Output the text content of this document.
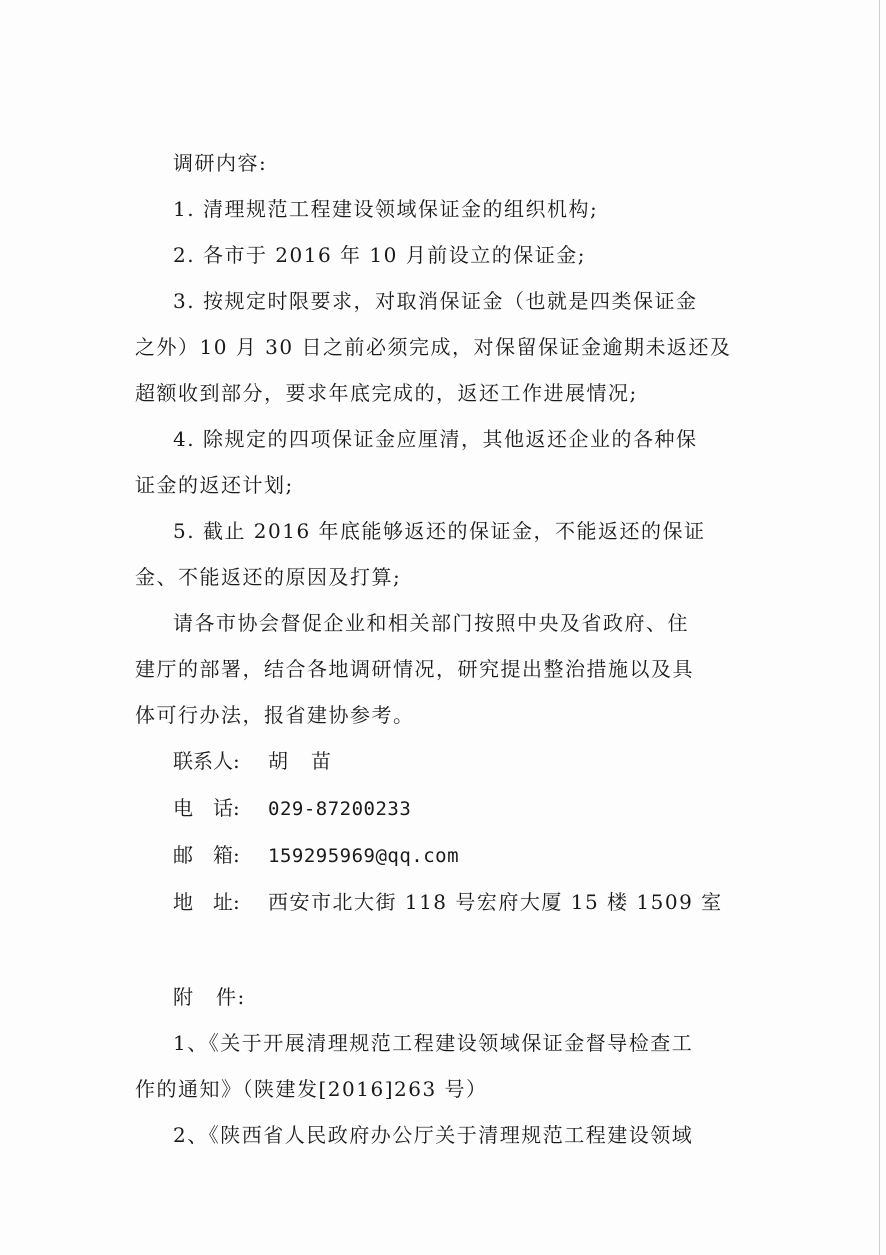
调研内容:
1. 清理规范工程建设领域保证金的组织机构;
2. 各市于 2016 年 10 月前设立的保证金;
3. 按规定时限要求，对取消保证金（也就是四类保证金
之外）10 月 30 日之前必须完成，对保留保证金逾期未返还及
超额收到部分，要求年底完成的，返还工作进展情况;
4. 除规定的四项保证金应厘清，其他返还企业的各种保
证金的返还计划;
5. 截止 2016 年底能够返还的保证金，不能返还的保证
金、不能返还的原因及打算;
请各市协会督促企业和相关部门按照中央及省政府、住
建厅的部署，结合各地调研情况，研究提出整治措施以及具
体可行办法，报省建协参考。
联系人: 胡　苗
电　话: 029-87200233
邮　箱: 159295969@qq.com
地　址: 西安市北大街 118 号宏府大厦 15 楼 1509 室
附　件:
1、《关于开展清理规范工程建设领域保证金督导检查工
作的通知》（陕建发[2016]263 号）
2、《陕西省人民政府办公厅关于清理规范工程建设领域
